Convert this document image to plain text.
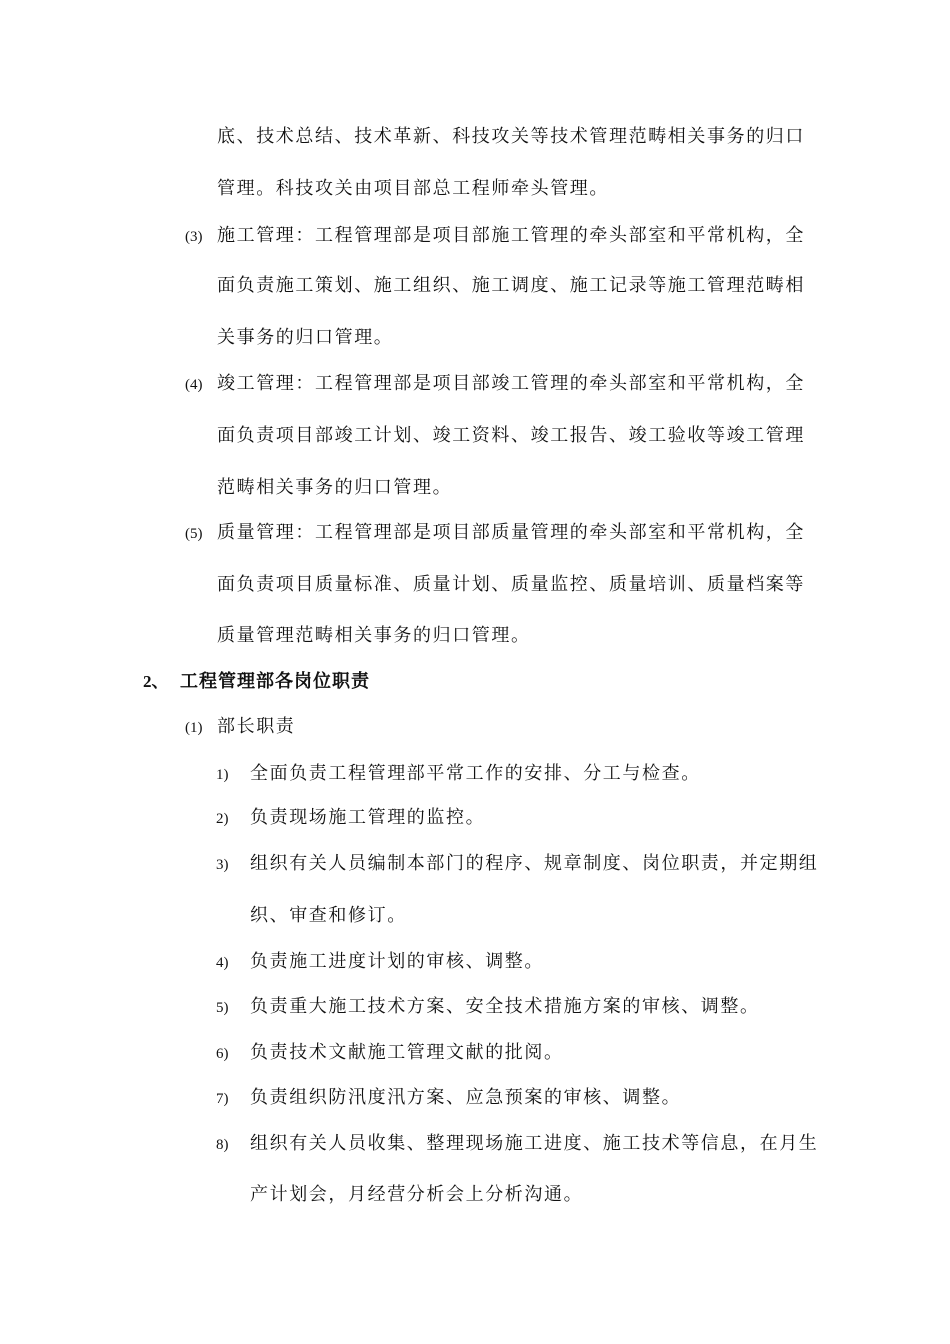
底、技术总结、技术革新、科技攻关等技术管理范畴相关事务的归口
管理。科技攻关由项目部总工程师牵头管理。
(3) 施工管理：工程管理部是项目部施工管理的牵头部室和平常机构，全
面负责施工策划、施工组织、施工调度、施工记录等施工管理范畴相
关事务的归口管理。
(4) 竣工管理：工程管理部是项目部竣工管理的牵头部室和平常机构，全
面负责项目部竣工计划、竣工资料、竣工报告、竣工验收等竣工管理
范畴相关事务的归口管理。
(5) 质量管理：工程管理部是项目部质量管理的牵头部室和平常机构，全
面负责项目质量标准、质量计划、质量监控、质量培训、质量档案等
质量管理范畴相关事务的归口管理。
2、 工程管理部各岗位职责
(1) 部长职责
1) 全面负责工程管理部平常工作的安排、分工与检查。
2) 负责现场施工管理的监控。
3) 组织有关人员编制本部门的程序、规章制度、岗位职责，并定期组
织、审查和修订。
4) 负责施工进度计划的审核、调整。
5) 负责重大施工技术方案、安全技术措施方案的审核、调整。
6) 负责技术文献施工管理文献的批阅。
7) 负责组织防汛度汛方案、应急预案的审核、调整。
8) 组织有关人员收集、整理现场施工进度、施工技术等信息，在月生
产计划会，月经营分析会上分析沟通。
